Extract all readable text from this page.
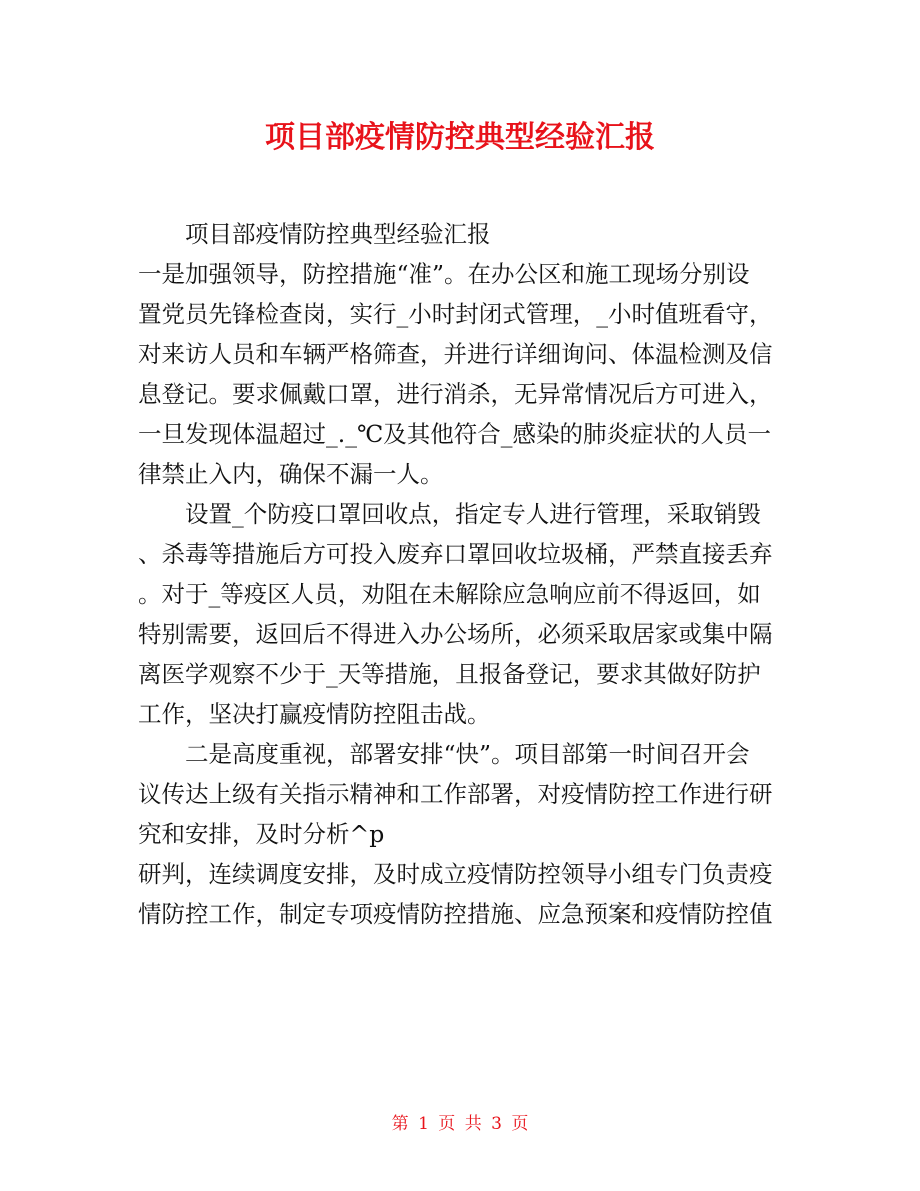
项目部疫情防控典型经验汇报

项目部疫情防控典型经验汇报

一是加强领导，防控措施“准”。在办公区和施工现场分别设

置党员先锋检查岗，实行_小时封闭式管理，_小时值班看守，

对来访人员和车辆严格筛查，并进行详细询问、体温检测及信

息登记。要求佩戴口罩，进行消杀，无异常情况后方可进入，

一旦发现体温超过_._℃及其他符合_感染的肺炎症状的人员一

律禁止入内，确保不漏一人。

设置_个防疫口罩回收点，指定专人进行管理，采取销毁

、杀毒等措施后方可投入废弃口罩回收垃圾桶，严禁直接丢弃

。对于_等疫区人员，劝阻在未解除应急响应前不得返回，如

特别需要，返回后不得进入办公场所，必须采取居家或集中隔

离医学观察不少于_天等措施，且报备登记，要求其做好防护

工作，坚决打赢疫情防控阻击战。

二是高度重视，部署安排“快”。项目部第一时间召开会

议传达上级有关指示精神和工作部署，对疫情防控工作进行研

究和安排，及时分析^p

研判，连续调度安排，及时成立疫情防控领导小组专门负责疫

情防控工作，制定专项疫情防控措施、应急预案和疫情防控值

第 1 页 共 3 页
